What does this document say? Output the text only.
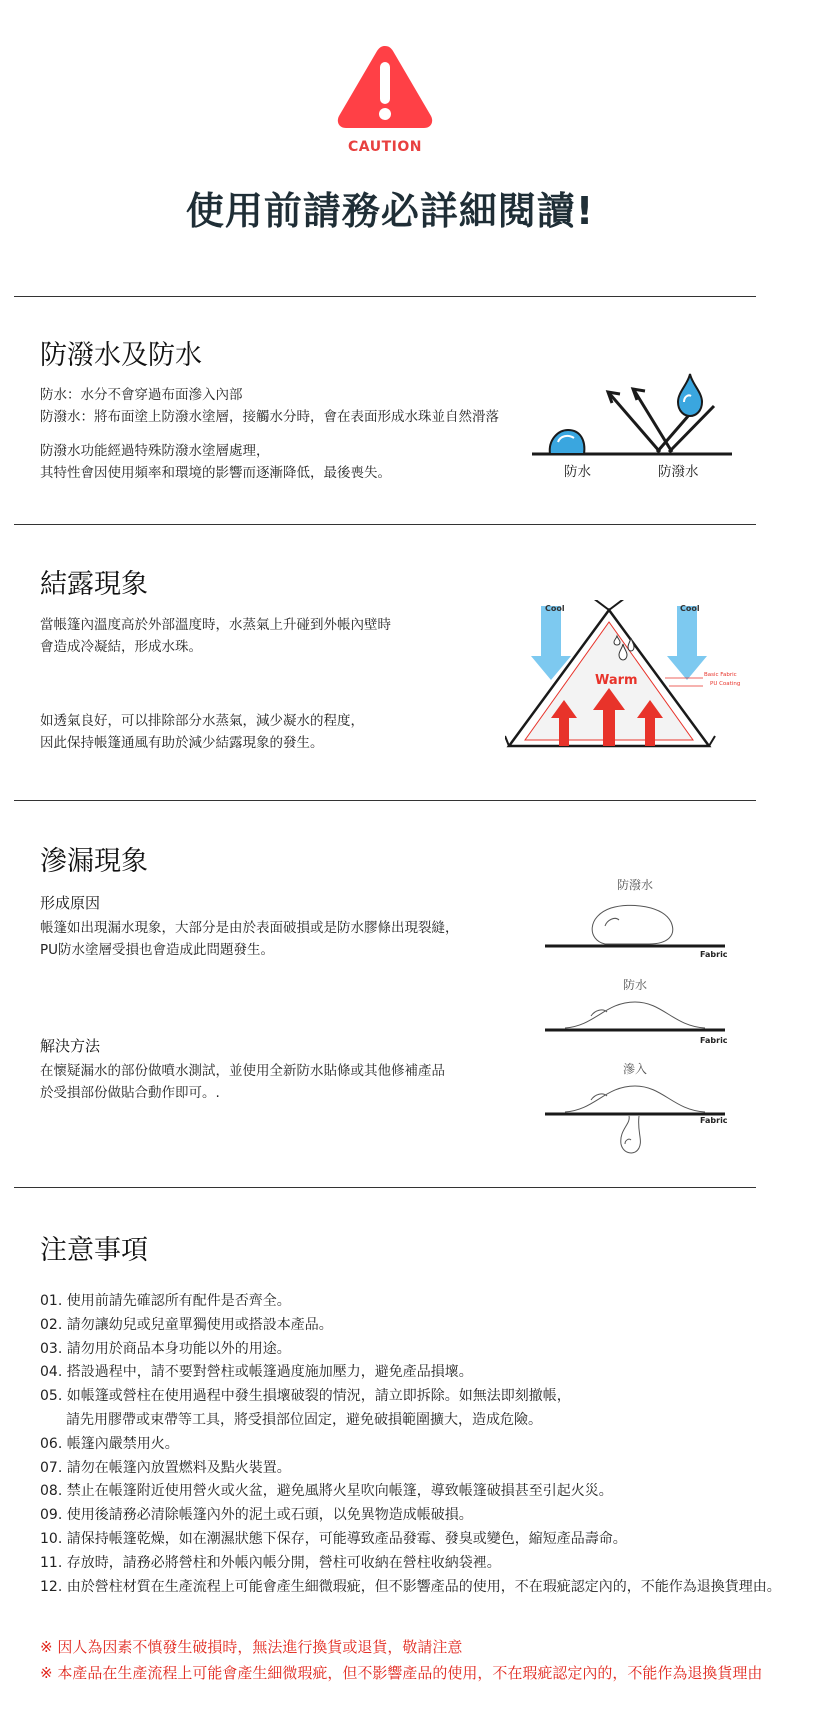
CAUTION
使用前請務必詳細閱讀!
防潑水及防水
防水：水分不會穿過布面滲入內部
防潑水：將布面塗上防潑水塗層，接觸水分時，會在表面形成水珠並自然滑落
防潑水功能經過特殊防潑水塗層處理，
其特性會因使用頻率和環境的影響而逐漸降低，最後喪失。	防水	防潑水
結露現象
當帳篷內溫度高於外部溫度時，水蒸氣上升碰到外帳內壁時
會造成冷凝結，形成水珠。
如透氣良好，可以排除部分水蒸氣，減少凝水的程度，
因此保持帳篷通風有助於減少結露現象的發生。
Cool	Cool
Warm	Basic Fabric
PU Coating
滲漏現象
形成原因
帳篷如出現漏水現象，大部分是由於表面破損或是防水膠條出現裂縫，
PU防水塗層受損也會造成此問題發生。
解決方法
在懷疑漏水的部份做噴水測試，並使用全新防水貼條或其他修補產品
於受損部份做貼合動作即可。.
防潑水
Fabric
防水
Fabric
滲入
Fabric
注意事項
01. 使用前請先確認所有配件是否齊全。
02. 請勿讓幼兒或兒童單獨使用或搭設本產品。
03. 請勿用於商品本身功能以外的用途。
04. 搭設過程中，請不要對營柱或帳篷過度施加壓力，避免產品損壞。
05. 如帳篷或營柱在使用過程中發生損壞破裂的情況，請立即拆除。如無法即刻撤帳，
請先用膠帶或束帶等工具，將受損部位固定，避免破損範圍擴大，造成危險。
06. 帳篷內嚴禁用火。
07. 請勿在帳篷內放置燃料及點火裝置。
08. 禁止在帳篷附近使用營火或火盆，避免風將火星吹向帳篷，導致帳篷破損甚至引起火災。
09. 使用後請務必清除帳篷內外的泥土或石頭，以免異物造成帳破損。
10. 請保持帳篷乾燥，如在潮濕狀態下保存，可能導致產品發霉、發臭或變色，縮短產品壽命。
11. 存放時，請務必將營柱和外帳內帳分開，營柱可收納在營柱收納袋裡。
12. 由於營柱材質在生產流程上可能會產生細微瑕疵，但不影響產品的使用，不在瑕疵認定內的，不能作為退換貨理由。
※ 因人為因素不慎發生破損時，無法進行換貨或退貨，敬請注意
※ 本產品在生產流程上可能會產生細微瑕疵，但不影響產品的使用，不在瑕疵認定內的，不能作為退換貨理由
